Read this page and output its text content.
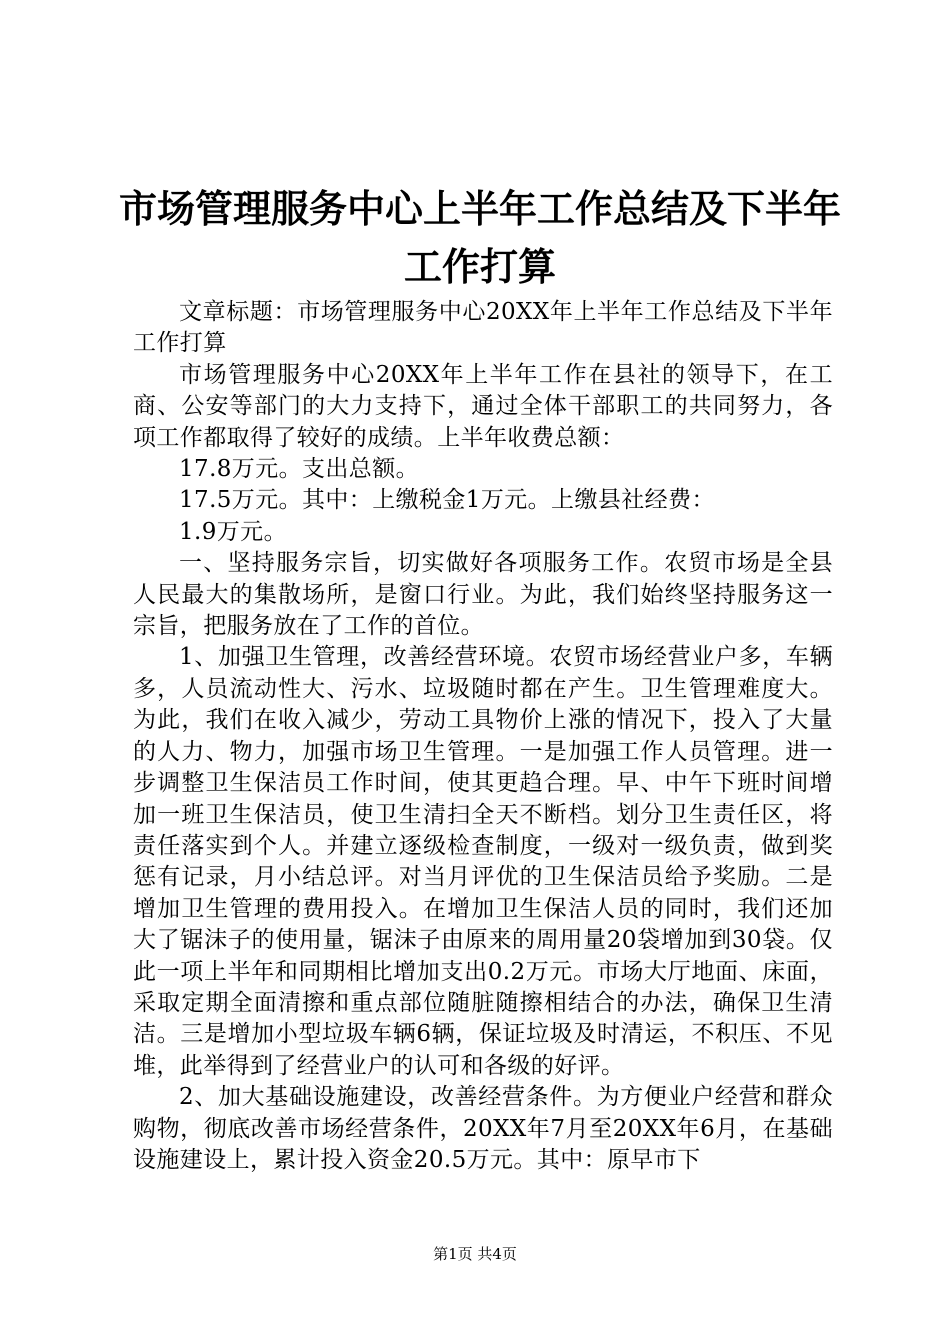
市场管理服务中心上半年工作总结及下半年工作打算

文章标题：市场管理服务中心20XX年上半年工作总结及下半年工作打算

市场管理服务中心20XX年上半年工作在县社的领导下，在工商、公安等部门的大力支持下，通过全体干部职工的共同努力，各项工作都取得了较好的成绩。上半年收费总额：

17.8万元。支出总额。

17.5万元。其中：上缴税金1万元。上缴县社经费：

1.9万元。

一、坚持服务宗旨，切实做好各项服务工作。农贸市场是全县人民最大的集散场所，是窗口行业。为此，我们始终坚持服务这一宗旨，把服务放在了工作的首位。

1、加强卫生管理，改善经营环境。农贸市场经营业户多，车辆多，人员流动性大、污水、垃圾随时都在产生。卫生管理难度大。为此，我们在收入减少，劳动工具物价上涨的情况下，投入了大量的人力、物力，加强市场卫生管理。一是加强工作人员管理。进一步调整卫生保洁员工作时间，使其更趋合理。早、中午下班时间增加一班卫生保洁员，使卫生清扫全天不断档。划分卫生责任区，将责任落实到个人。并建立逐级检查制度，一级对一级负责，做到奖惩有记录，月小结总评。对当月评优的卫生保洁员给予奖励。二是增加卫生管理的费用投入。在增加卫生保洁人员的同时，我们还加大了锯沫子的使用量，锯沫子由原来的周用量20袋增加到30袋。仅此一项上半年和同期相比增加支出0.2万元。市场大厅地面、床面，采取定期全面清擦和重点部位随脏随擦相结合的办法，确保卫生清洁。三是增加小型垃圾车辆6辆，保证垃圾及时清运，不积压、不见堆，此举得到了经营业户的认可和各级的好评。

2、加大基础设施建设，改善经营条件。为方便业户经营和群众购物，彻底改善市场经营条件，20XX年7月至20XX年6月，在基础设施建设上，累计投入资金20.5万元。其中：原早市下

第1页 共4页
